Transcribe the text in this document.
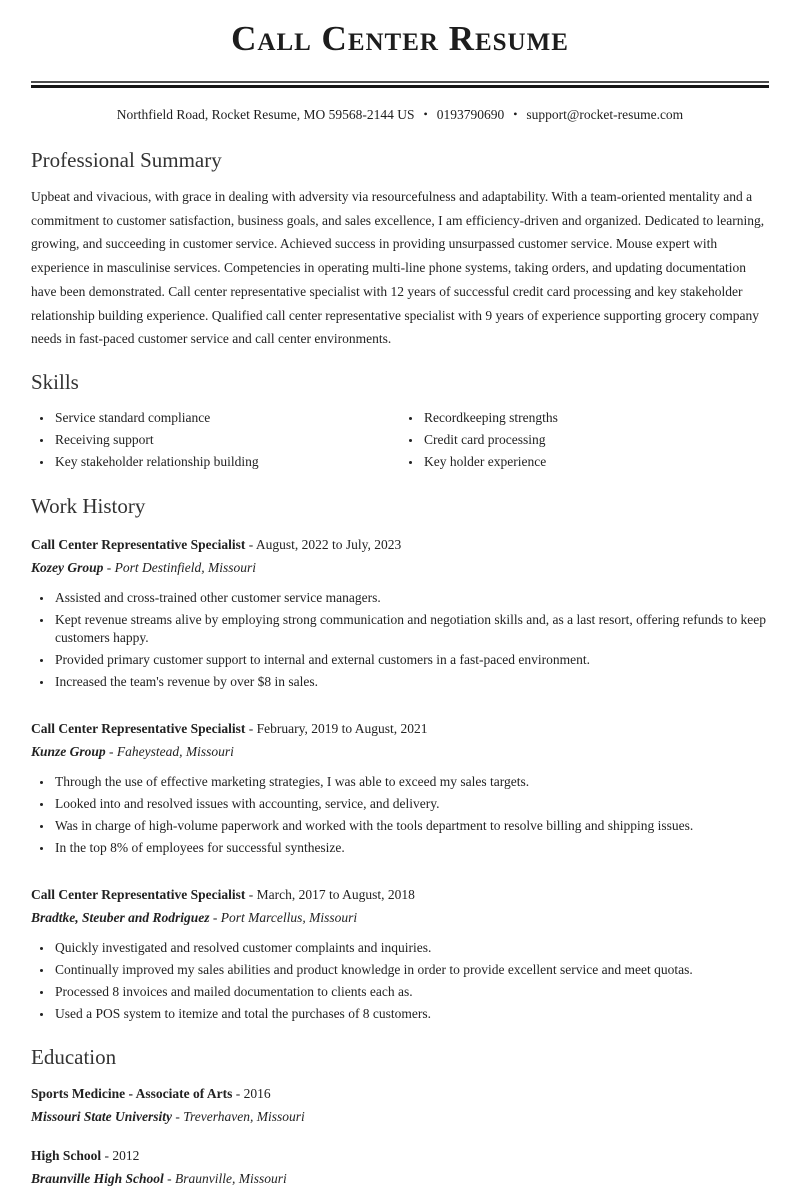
Call Center Resume
Northfield Road, Rocket Resume, MO 59568-2144 US • 0193790690 • support@rocket-resume.com
Professional Summary

Upbeat and vivacious, with grace in dealing with adversity via resourcefulness and adaptability. With a team-oriented mentality and a commitment to customer satisfaction, business goals, and sales excellence, I am efficiency-driven and organized. Dedicated to learning, growing, and succeeding in customer service. Achieved success in providing unsurpassed customer service. Mouse expert with experience in masculinise services. Competencies in operating multi-line phone systems, taking orders, and updating documentation have been demonstrated. Call center representative specialist with 12 years of successful credit card processing and key stakeholder relationship building experience. Qualified call center representative specialist with 9 years of experience supporting grocery company needs in fast-paced customer service and call center environments.

Skills
• Service standard compliance
• Receiving support
• Key stakeholder relationship building
• Recordkeeping strengths
• Credit card processing
• Key holder experience
Work History
Call Center Representative Specialist - August, 2022 to July, 2023
Kozey Group - Port Destinfield, Missouri
• Assisted and cross-trained other customer service managers.
• Kept revenue streams alive by employing strong communication and negotiation skills and, as a last resort, offering refunds to keep customers happy.
• Provided primary customer support to internal and external customers in a fast-paced environment.
• Increased the team's revenue by over $8 in sales.
Call Center Representative Specialist - February, 2019 to August, 2021
Kunze Group - Faheystead, Missouri
• Through the use of effective marketing strategies, I was able to exceed my sales targets.
• Looked into and resolved issues with accounting, service, and delivery.
• Was in charge of high-volume paperwork and worked with the tools department to resolve billing and shipping issues.
• In the top 8% of employees for successful synthesize.
Call Center Representative Specialist - March, 2017 to August, 2018
Bradtke, Steuber and Rodriguez - Port Marcellus, Missouri
• Quickly investigated and resolved customer complaints and inquiries.
• Continually improved my sales abilities and product knowledge in order to provide excellent service and meet quotas.
• Processed 8 invoices and mailed documentation to clients each as.
• Used a POS system to itemize and total the purchases of 8 customers.
Education
Sports Medicine - Associate of Arts - 2016
Missouri State University - Treverhaven, Missouri
High School - 2012
Braunville High School - Braunville, Missouri
